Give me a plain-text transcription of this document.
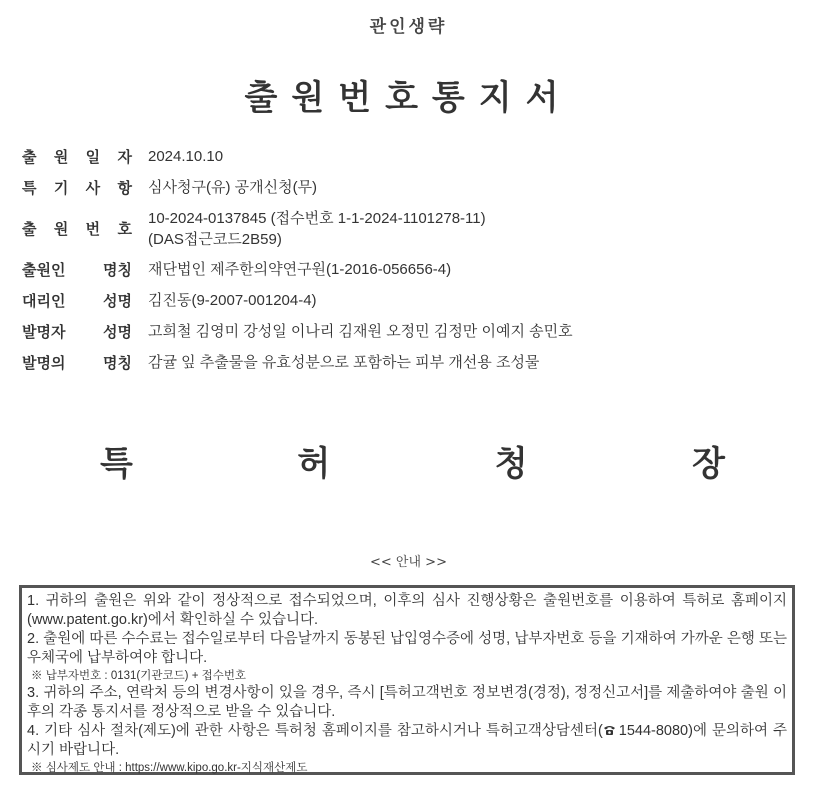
관인생략
출원번호통지서
출 원 일 자 2024.10.10
특 기 사 항 심사청구(유) 공개신청(무)
출 원 번 호
10-2024-0137845 (접수번호 1-1-2024-1101278-11)
(DAS접근코드2B59)
출원인	명칭 재단법인 제주한의약연구원(1-2016-056656-4)
대리인	성명 김진동(9-2007-001204-4)
발명자	성명 고희철 김영미 강성일 이나리 김재원 오정민 김정만 이예지 송민호
발명의	명칭 감귤 잎 추출물을 유효성분으로 포함하는 피부 개선용 조성물
특	허	청	장
<< 안내 >>
1. 귀하의 출원은 위와 같이 정상적으로 접수되었으며, 이후의 심사 진행상황은 출원번호를 이용하여 특허로 홈페이지(www.patent.go.kr)에서 확인하실 수 있습니다.
2. 출원에 따른 수수료는 접수일로부터 다음날까지 동봉된 납입영수증에 성명, 납부자번호 등을 기재하여 가까운 은행 또는 우체국에 납부하여야 합니다.
※ 납부자번호 : 0131(기관코드) + 접수번호
3. 귀하의 주소, 연락처 등의 변경사항이 있을 경우, 즉시 [특허고객번호 정보변경(경정), 정정신고서]를 제출하여야 출원 이후의 각종 통지서를 정상적으로 받을 수 있습니다.
4. 기타 심사 절차(제도)에 관한 사항은 특허청 홈페이지를 참고하시거나 특허고객상담센터( 1544-8080)에 문의하여 주시기 바랍니다.
※ 심사제도 안내 : https://www.kipo.go.kr-지식재산제도
